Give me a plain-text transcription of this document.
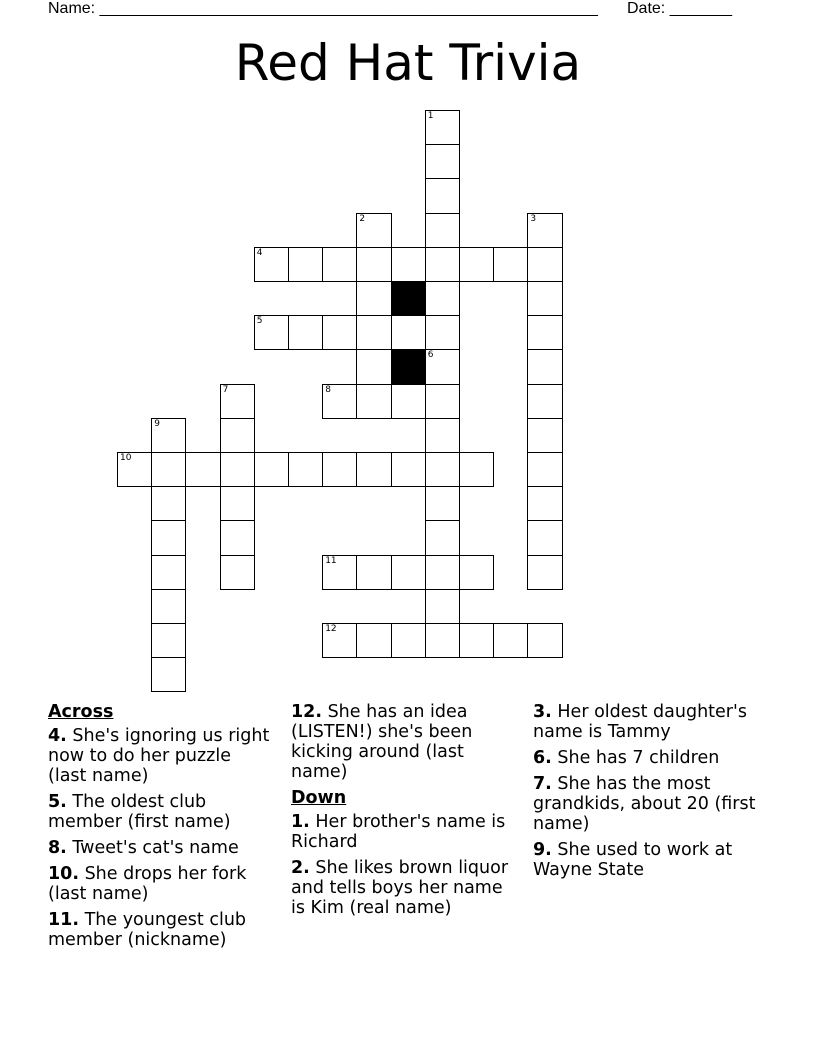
Name: ________________________________________________________ Date: _______
Red Hat Trivia
1
6
2	3
4
5
7	8
9
10
11
12
Across
4. She's ignoring us right now to do her puzzle (last name)
5. The oldest club member (first name)
8. Tweet's cat's name
10. She drops her fork (last name)
11. The youngest club member (nickname)
12. She has an idea (LISTEN!) she's been kicking around (last name)
Down
1. Her brother's name is Richard
2. She likes brown liquor and tells boys her name is Kim (real name)
3. Her oldest daughter's name is Tammy
6. She has 7 children
7. She has the most grandkids, about 20 (first name)
9. She used to work at Wayne State
